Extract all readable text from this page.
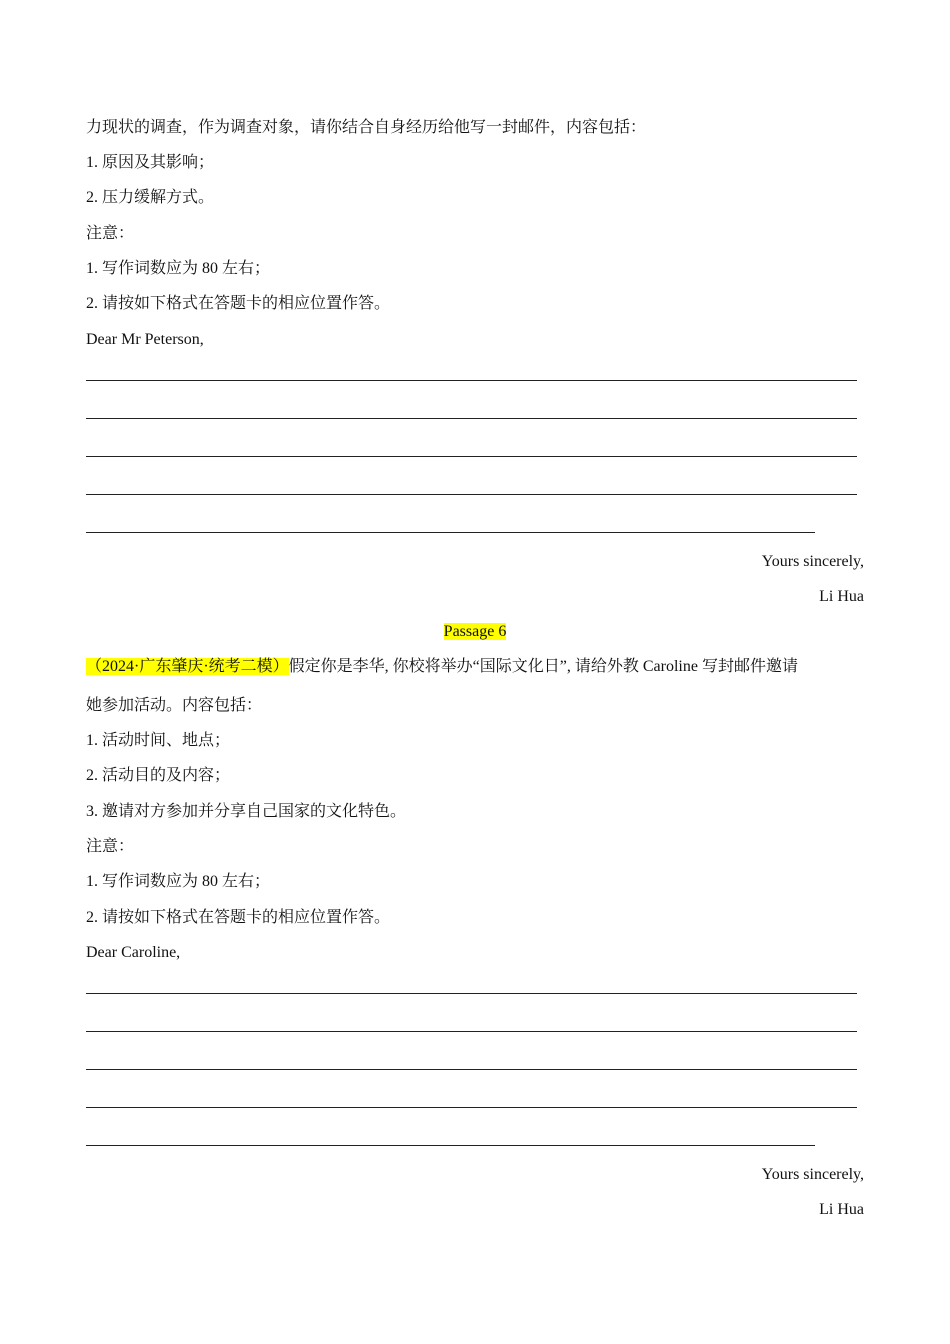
力现状的调查，作为调查对象，请你结合自身经历给他写一封邮件，内容包括：
1. 原因及其影响；
2. 压力缓解方式。
注意：
1. 写作词数应为 80 左右；
2. 请按如下格式在答题卡的相应位置作答。
Dear Mr Peterson,
Yours sincerely,
Li Hua
Passage 6
（2024·广东肇庆·统考二模）假定你是李华, 你校将举办“国际文化日”, 请给外教 Caroline 写封邮件邀请
她参加活动。内容包括：
1. 活动时间、地点；
2. 活动目的及内容；
3. 邀请对方参加并分享自己国家的文化特色。
注意：
1. 写作词数应为 80 左右；
2. 请按如下格式在答题卡的相应位置作答。
Dear Caroline,
Yours sincerely,
Li Hua
